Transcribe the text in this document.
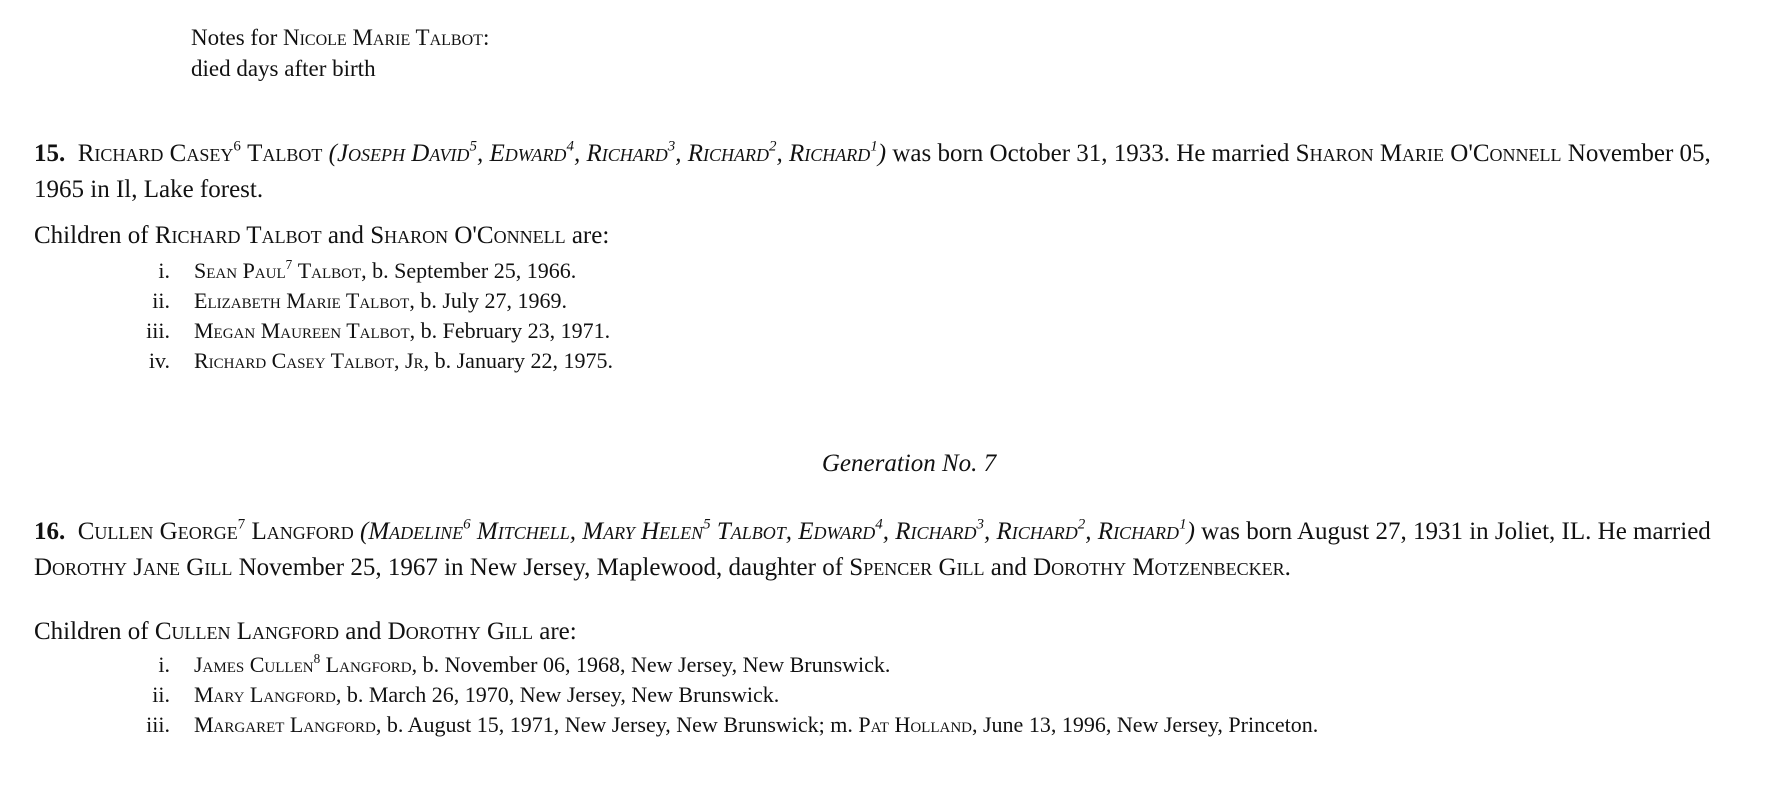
Notes for Nicole Marie Talbot:
died days after birth
15. Richard Casey$^6$ Talbot (Joseph David$^5$, Edward$^4$, Richard$^3$, Richard$^2$, Richard$^1$) was born October 31, 1933. He married Sharon Marie O'Connell November 05, 1965 in Il, Lake forest.
Children of Richard Talbot and Sharon O'Connell are:
i. Sean Paul$^7$ Talbot, b. September 25, 1966.
ii. Elizabeth Marie Talbot, b. July 27, 1969.
iii. Megan Maureen Talbot, b. February 23, 1971.
iv. Richard Casey Talbot, Jr, b. January 22, 1975.
Generation No. 7
16. Cullen George$^7$ Langford (Madeline$^6$ Mitchell, Mary Helen$^5$ Talbot, Edward$^4$, Richard$^3$, Richard$^2$, Richard$^1$) was born August 27, 1931 in Joliet, IL. He married Dorothy Jane Gill November 25, 1967 in New Jersey, Maplewood, daughter of Spencer Gill and Dorothy Motzenbecker.
Children of Cullen Langford and Dorothy Gill are:
i. James Cullen$^8$ Langford, b. November 06, 1968, New Jersey, New Brunswick.
ii. Mary Langford, b. March 26, 1970, New Jersey, New Brunswick.
iii. Margaret Langford, b. August 15, 1971, New Jersey, New Brunswick; m. Pat Holland, June 13, 1996, New Jersey, Princeton.
